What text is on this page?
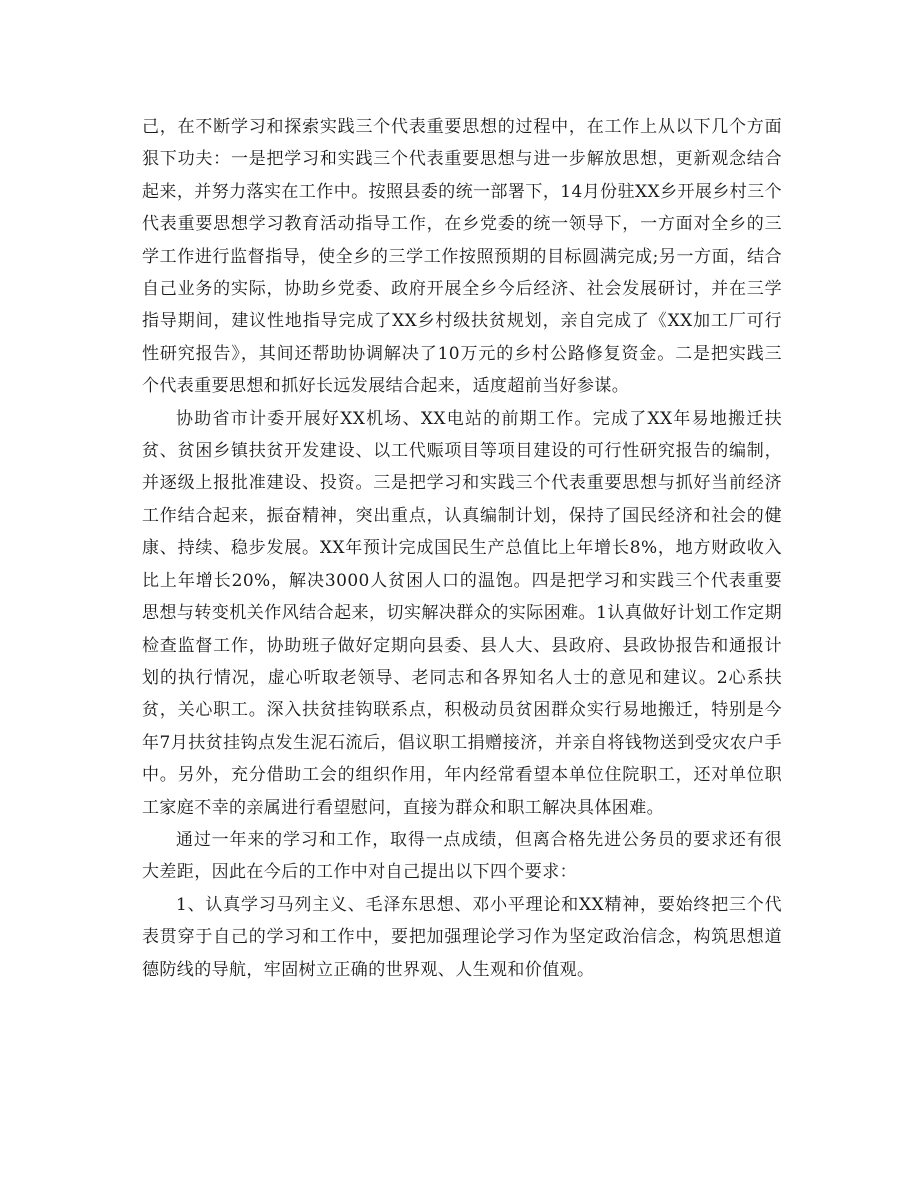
己，在不断学习和探索实践三个代表重要思想的过程中，在工作上从以下几个方面狠下功夫：一是把学习和实践三个代表重要思想与进一步解放思想，更新观念结合起来，并努力落实在工作中。按照县委的统一部署下，14月份驻XX乡开展乡村三个代表重要思想学习教育活动指导工作，在乡党委的统一领导下，一方面对全乡的三学工作进行监督指导，使全乡的三学工作按照预期的目标圆满完成;另一方面，结合自己业务的实际，协助乡党委、政府开展全乡今后经济、社会发展研讨，并在三学指导期间，建议性地指导完成了XX乡村级扶贫规划，亲自完成了《XX加工厂可行性研究报告》，其间还帮助协调解决了10万元的乡村公路修复资金。二是把实践三个代表重要思想和抓好长远发展结合起来，适度超前当好参谋。

协助省市计委开展好XX机场、XX电站的前期工作。完成了XX年易地搬迁扶贫、贫困乡镇扶贫开发建设、以工代赈项目等项目建设的可行性研究报告的编制，并逐级上报批准建设、投资。三是把学习和实践三个代表重要思想与抓好当前经济工作结合起来，振奋精神，突出重点，认真编制计划，保持了国民经济和社会的健康、持续、稳步发展。XX年预计完成国民生产总值比上年增长8%，地方财政收入比上年增长20%，解决3000人贫困人口的温饱。四是把学习和实践三个代表重要思想与转变机关作风结合起来，切实解决群众的实际困难。1认真做好计划工作定期检查监督工作，协助班子做好定期向县委、县人大、县政府、县政协报告和通报计划的执行情况，虚心听取老领导、老同志和各界知名人士的意见和建议。2心系扶贫，关心职工。深入扶贫挂钩联系点，积极动员贫困群众实行易地搬迁，特别是今年7月扶贫挂钩点发生泥石流后，倡议职工捐赠接济，并亲自将钱物送到受灾农户手中。另外，充分借助工会的组织作用，年内经常看望本单位住院职工，还对单位职工家庭不幸的亲属进行看望慰问，直接为群众和职工解决具体困难。

通过一年来的学习和工作，取得一点成绩，但离合格先进公务员的要求还有很大差距，因此在今后的工作中对自己提出以下四个要求：

1、认真学习马列主义、毛泽东思想、邓小平理论和XX精神，要始终把三个代表贯穿于自己的学习和工作中，要把加强理论学习作为坚定政治信念，构筑思想道德防线的导航，牢固树立正确的世界观、人生观和价值观。
